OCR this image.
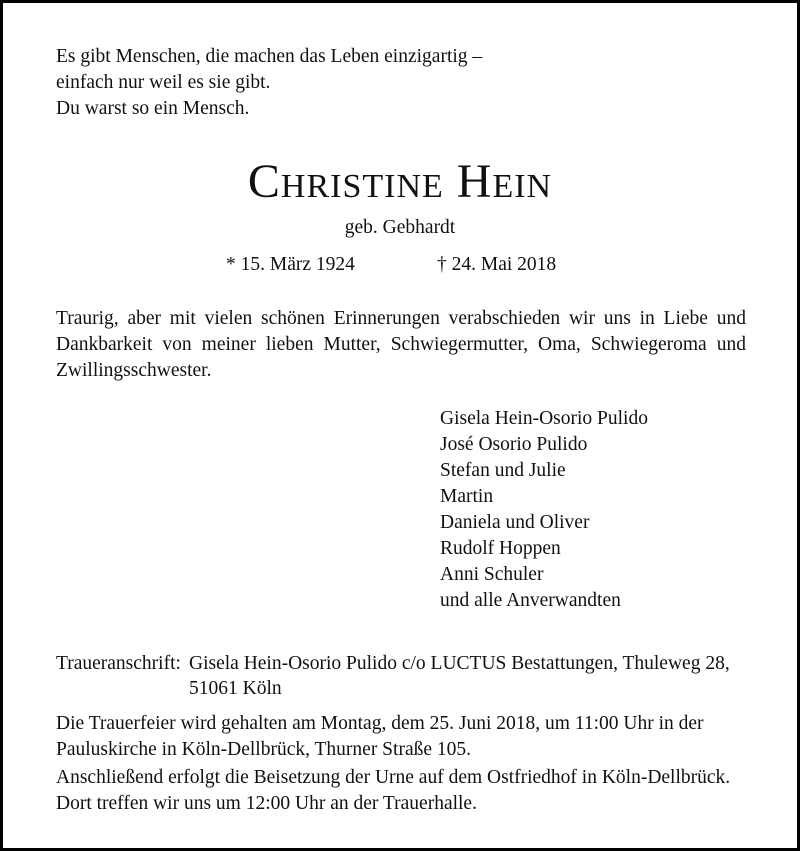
Es gibt Menschen, die machen das Leben einzigartig –
einfach nur weil es sie gibt.
Du warst so ein Mensch.
Christine Hein
geb. Gebhardt
* 15. März 1924	† 24. Mai 2018
Traurig, aber mit vielen schönen Erinnerungen verabschieden wir uns in Liebe und Dankbarkeit von meiner lieben Mutter, Schwiegermutter, Oma, Schwiegeroma und Zwillingsschwester.
Gisela Hein-Osorio Pulido
José Osorio Pulido
Stefan und Julie
Martin
Daniela und Oliver
Rudolf Hoppen
Anni Schuler
und alle Anverwandten
Traueranschrift: Gisela Hein-Osorio Pulido c/o LUCTUS Bestattungen, Thuleweg 28,
51061 Köln
Die Trauerfeier wird gehalten am Montag, dem 25. Juni 2018, um 11:00 Uhr in der
Pauluskirche in Köln-Dellbrück, Thurner Straße 105.
Anschließend erfolgt die Beisetzung der Urne auf dem Ostfriedhof in Köln-Dellbrück.
Dort treffen wir uns um 12:00 Uhr an der Trauerhalle.
